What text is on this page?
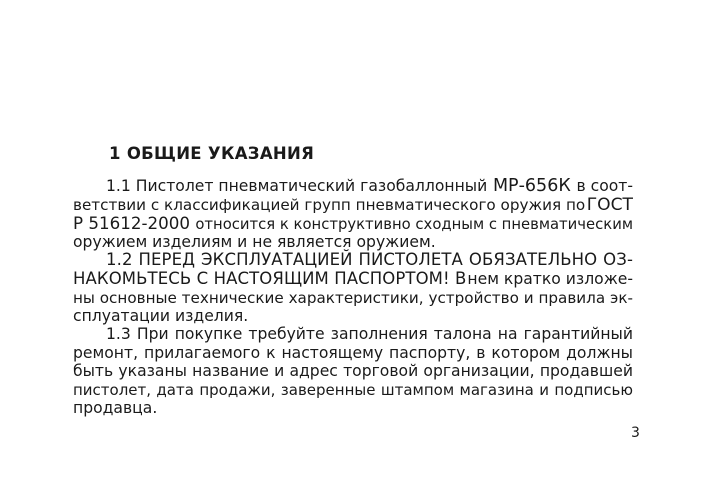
1 ОБЩИЕ УКАЗАНИЯ
1.1 Пистолет пневматический газобаллонный МР-656К в соот-
ветствии с классификацией групп пневматического оружия по ГОСТ
Р 51612-2000 относится к конструктивно сходным с пневматическим
оружием изделиям и не является оружием.
1.2 ПЕРЕД ЭКСПЛУАТАЦИЕЙ ПИСТОЛЕТА ОБЯЗАТЕЛЬНО ОЗ-
НАКОМЬТЕСЬ С НАСТОЯЩИМ ПАСПОРТОМ! В нем кратко изложе-
ны основные технические характеристики, устройство и правила эк-
сплуатации изделия.
1.3 При покупке требуйте заполнения талона на гарантийный
ремонт, прилагаемого к настоящему паспорту, в котором должны
быть указаны название и адрес торговой организации, продавшей
пистолет, дата продажи, заверенные штампом магазина и подписью
продавца.
3
